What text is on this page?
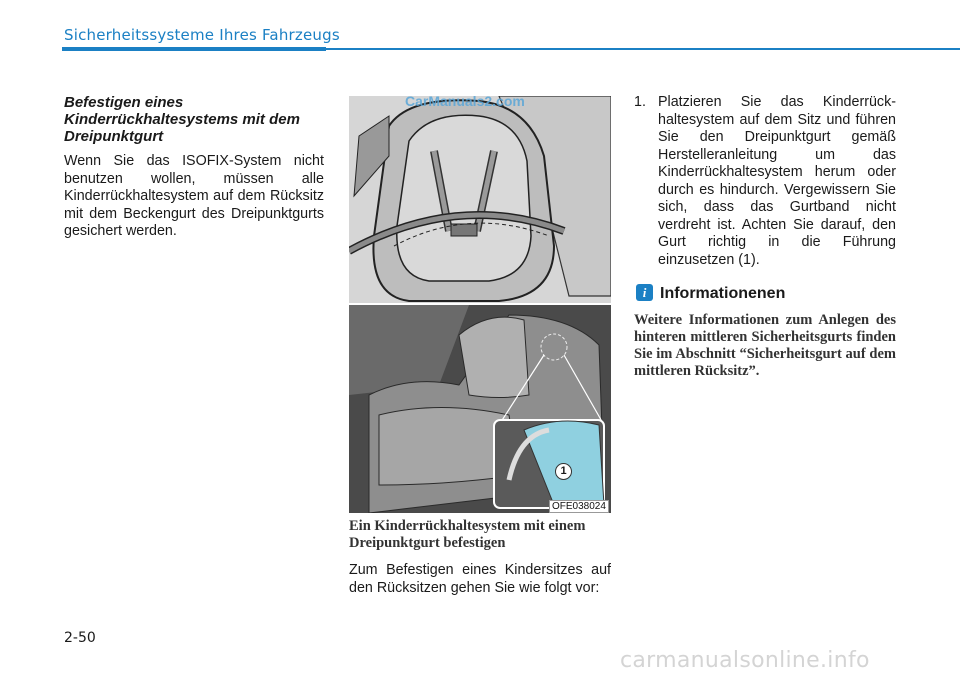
Sicherheitssysteme Ihres Fahrzeugs

Befestigen eines Kinderrückhaltesystems mit dem Dreipunktgurt

Wenn Sie das ISOFIX-System nicht benutzen wollen, müssen alle Kinderrückhaltesystem auf dem Rücksitz mit dem Beckengurt des Dreipunktgurts gesichert werden.

CarManuals2.com
1
OFE038024
Ein Kinderrückhaltesystem mit einem Dreipunktgurt befestigen

Zum Befestigen eines Kindersitzes auf den Rücksitzen gehen Sie wie folgt vor:

1. Platzieren Sie das Kinderrückhaltesystem auf dem Sitz und führen Sie den Dreipunktgurt gemäß Herstelleranleitung um das Kinderrückhaltesystem herum oder durch es hindurch. Vergewissern Sie sich, dass das Gurtband nicht verdreht ist. Achten Sie darauf, den Gurt richtig in die Führung einzusetzen (1).
i Informationenen
Weitere Informationen zum Anlegen des hinteren mittleren Sicherheitsgurts finden Sie im Abschnitt “Sicherheitsgurt auf dem mittleren Rücksitz”.
2-50
carmanualsonline.info
